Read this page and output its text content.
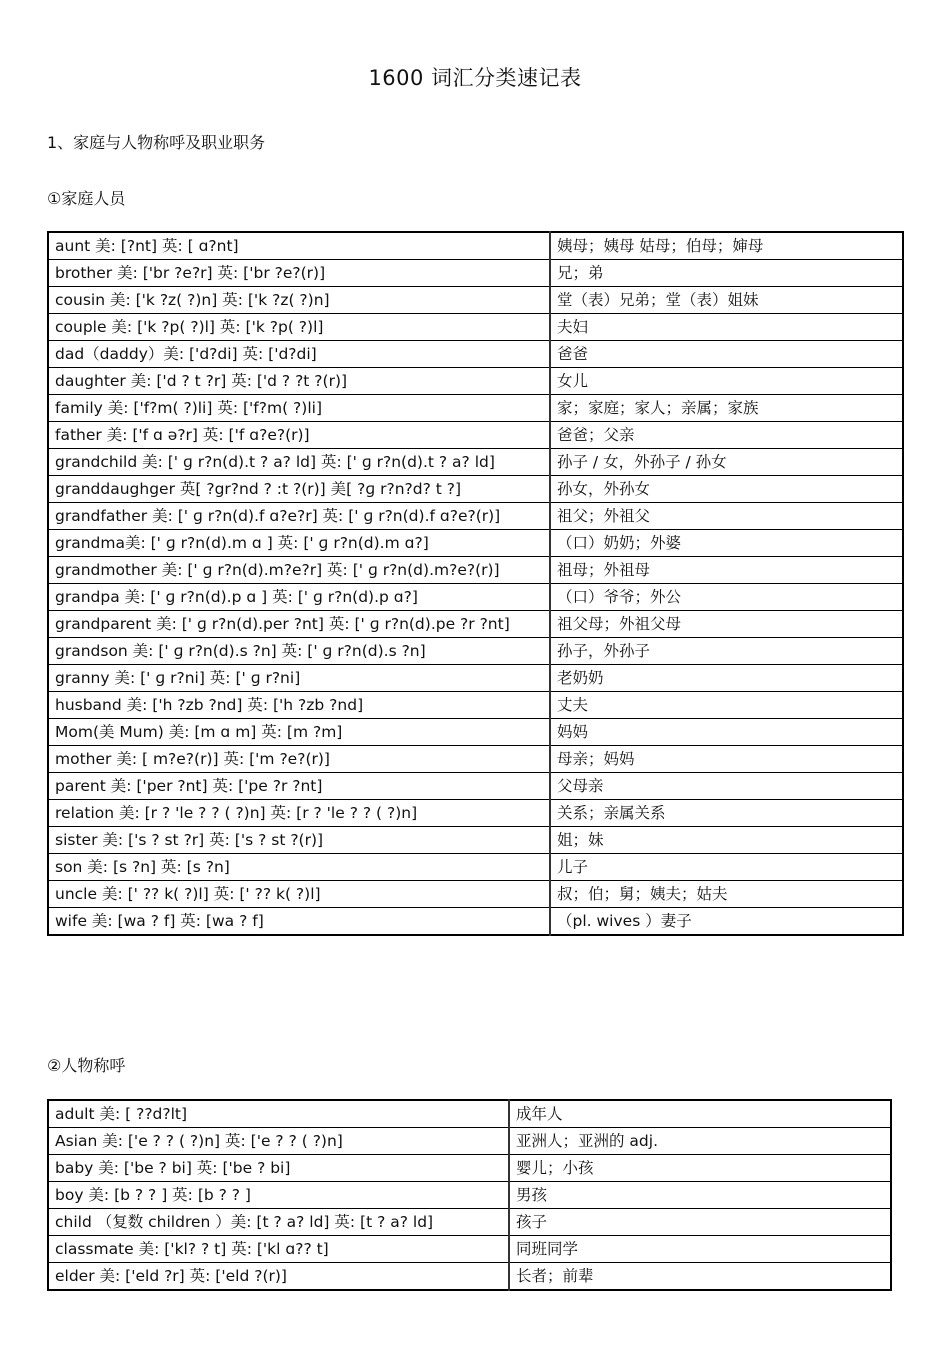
1600 词汇分类速记表
1、家庭与人物称呼及职业职务
①家庭人员
aunt 美: [?nt] 英: [ ɑ?nt]	姨母；姨母 姑母；伯母；婶母
brother 美: ['br ?e?r] 英: ['br ?e?(r)]	兄；弟
cousin 美: ['k ?z( ?)n] 英: ['k ?z( ?)n]	堂（表）兄弟；堂（表）姐妹
couple 美: ['k ?p( ?)l] 英: ['k ?p( ?)l]	夫妇
dad（daddy）美: ['d?di] 英: ['d?di]	爸爸
daughter 美: ['d ? t ?r] 英: ['d ? ?t ?(r)]	女儿
family 美: ['f?m( ?)li] 英: ['f?m( ?)li]	家；家庭；家人；亲属；家族
father 美: ['f ɑ ə?r] 英: ['f ɑ?e?(r)]	爸爸；父亲
grandchild 美: [' ɡ r?n(d).t ? a? ld] 英: [' ɡ r?n(d).t ? a? ld]	孙子 / 女，外孙子 / 孙女
granddaughger 英[ ?gr?nd ? :t ?(r)] 美[ ?ɡ r?n?d? t ?]	孙女，外孙女
grandfather 美: [' ɡ r?n(d).f ɑ?e?r] 英: [' ɡ r?n(d).f ɑ?e?(r)]	祖父；外祖父
grandma美: [' ɡ r?n(d).m ɑ ] 英: [' ɡ r?n(d).m ɑ?]	（口）奶奶；外婆
grandmother 美: [' ɡ r?n(d).m?e?r] 英: [' ɡ r?n(d).m?e?(r)]	祖母；外祖母
grandpa 美: [' ɡ r?n(d).p ɑ ] 英: [' ɡ r?n(d).p ɑ?]	（口）爷爷；外公
grandparent 美: [' ɡ r?n(d).per ?nt] 英: [' ɡ r?n(d).pe ?r ?nt]	祖父母；外祖父母
grandson 美: [' ɡ r?n(d).s ?n] 英: [' ɡ r?n(d).s ?n]	孙子，外孙子
granny 美: [' ɡ r?ni] 英: [' ɡ r?ni]	老奶奶
husband 美: ['h ?zb ?nd] 英: ['h ?zb ?nd]	丈夫
Mom(美 Mum) 美: [m ɑ m] 英: [m ?m]	妈妈
mother 美: [ m?e?(r)] 英: ['m ?e?(r)]	母亲；妈妈
parent 美: ['per ?nt] 英: ['pe ?r ?nt]	父母亲
relation 美: [r ? 'le ? ? ( ?)n] 英: [r ? 'le ? ? ( ?)n]	关系；亲属关系
sister 美: ['s ? st ?r] 英: ['s ? st ?(r)]	姐；妹
son 美: [s ?n] 英: [s ?n]	儿子
uncle 美: [' ?? k( ?)l] 英: [' ?? k( ?)l]	叔；伯；舅；姨夫；姑夫
wife 美: [wa ? f] 英: [wa ? f]	（pl. wives ）妻子
②人物称呼
adult 美: [ ??d?lt]	成年人
Asian 美: ['e ? ? ( ?)n] 英: ['e ? ? ( ?)n]	亚洲人；亚洲的 adj.
baby 美: ['be ? bi] 英: ['be ? bi]	婴儿；小孩
boy 美: [b ? ? ] 英: [b ? ? ]	男孩
child （复数 children ）美: [t ? a? ld] 英: [t ? a? ld]	孩子
classmate 美: ['kl? ? t] 英: ['kl ɑ?? t]	同班同学
elder 美: ['eld ?r] 英: ['eld ?(r)]	长者；前辈
